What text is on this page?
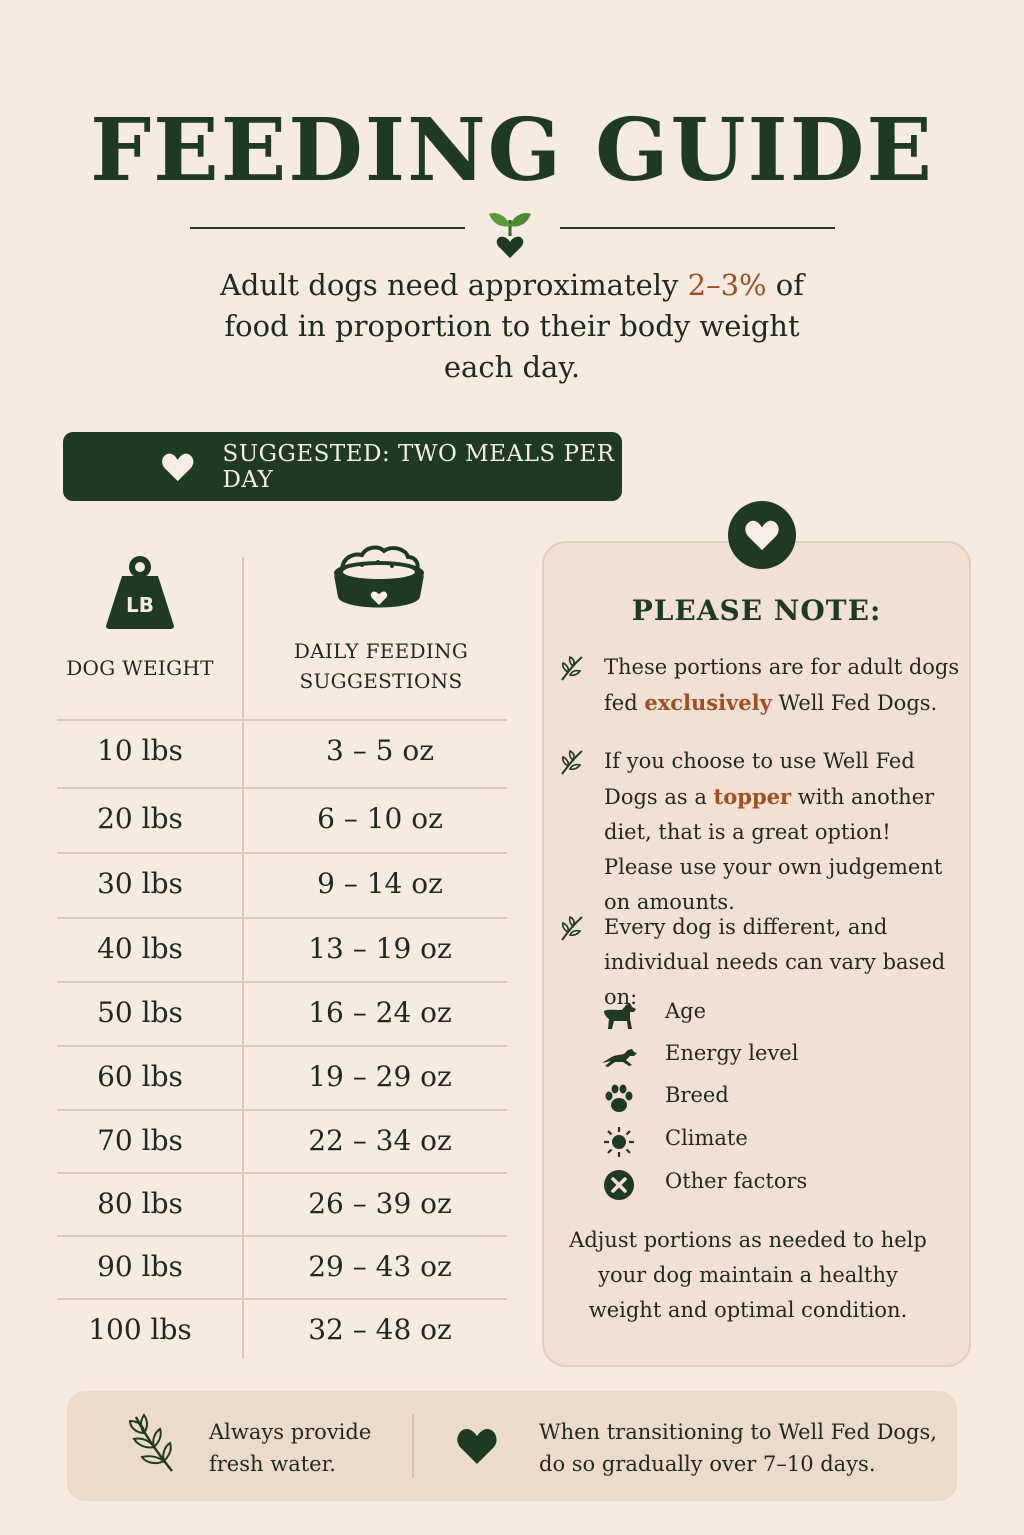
FEEDING GUIDE
Adult dogs need approximately 2–3% of food in proportion to their body weight each day.
SUGGESTED: TWO MEALS PER DAY
LB
DOG WEIGHT
DAILY FEEDING
SUGGESTIONS
10 lbs	3 – 5 oz
20 lbs	6 – 10 oz
30 lbs	9 – 14 oz
40 lbs	13 – 19 oz
50 lbs	16 – 24 oz
60 lbs	19 – 29 oz
70 lbs	22 – 34 oz
80 lbs	26 – 39 oz
90 lbs	29 – 43 oz
100 lbs	32 – 48 oz
PLEASE NOTE:
These portions are for adult dogs fed exclusively Well Fed Dogs.
If you choose to use Well Fed Dogs as a topper with another diet, that is a great option! Please use your own judgement on amounts.
Every dog is different, and individual needs can vary based on:
Age
Energy level
Breed
Climate
Other factors
Adjust portions as needed to help your dog maintain a healthy weight and optimal condition.
Always provide fresh water.
When transitioning to Well Fed Dogs, do so gradually over 7–10 days.
